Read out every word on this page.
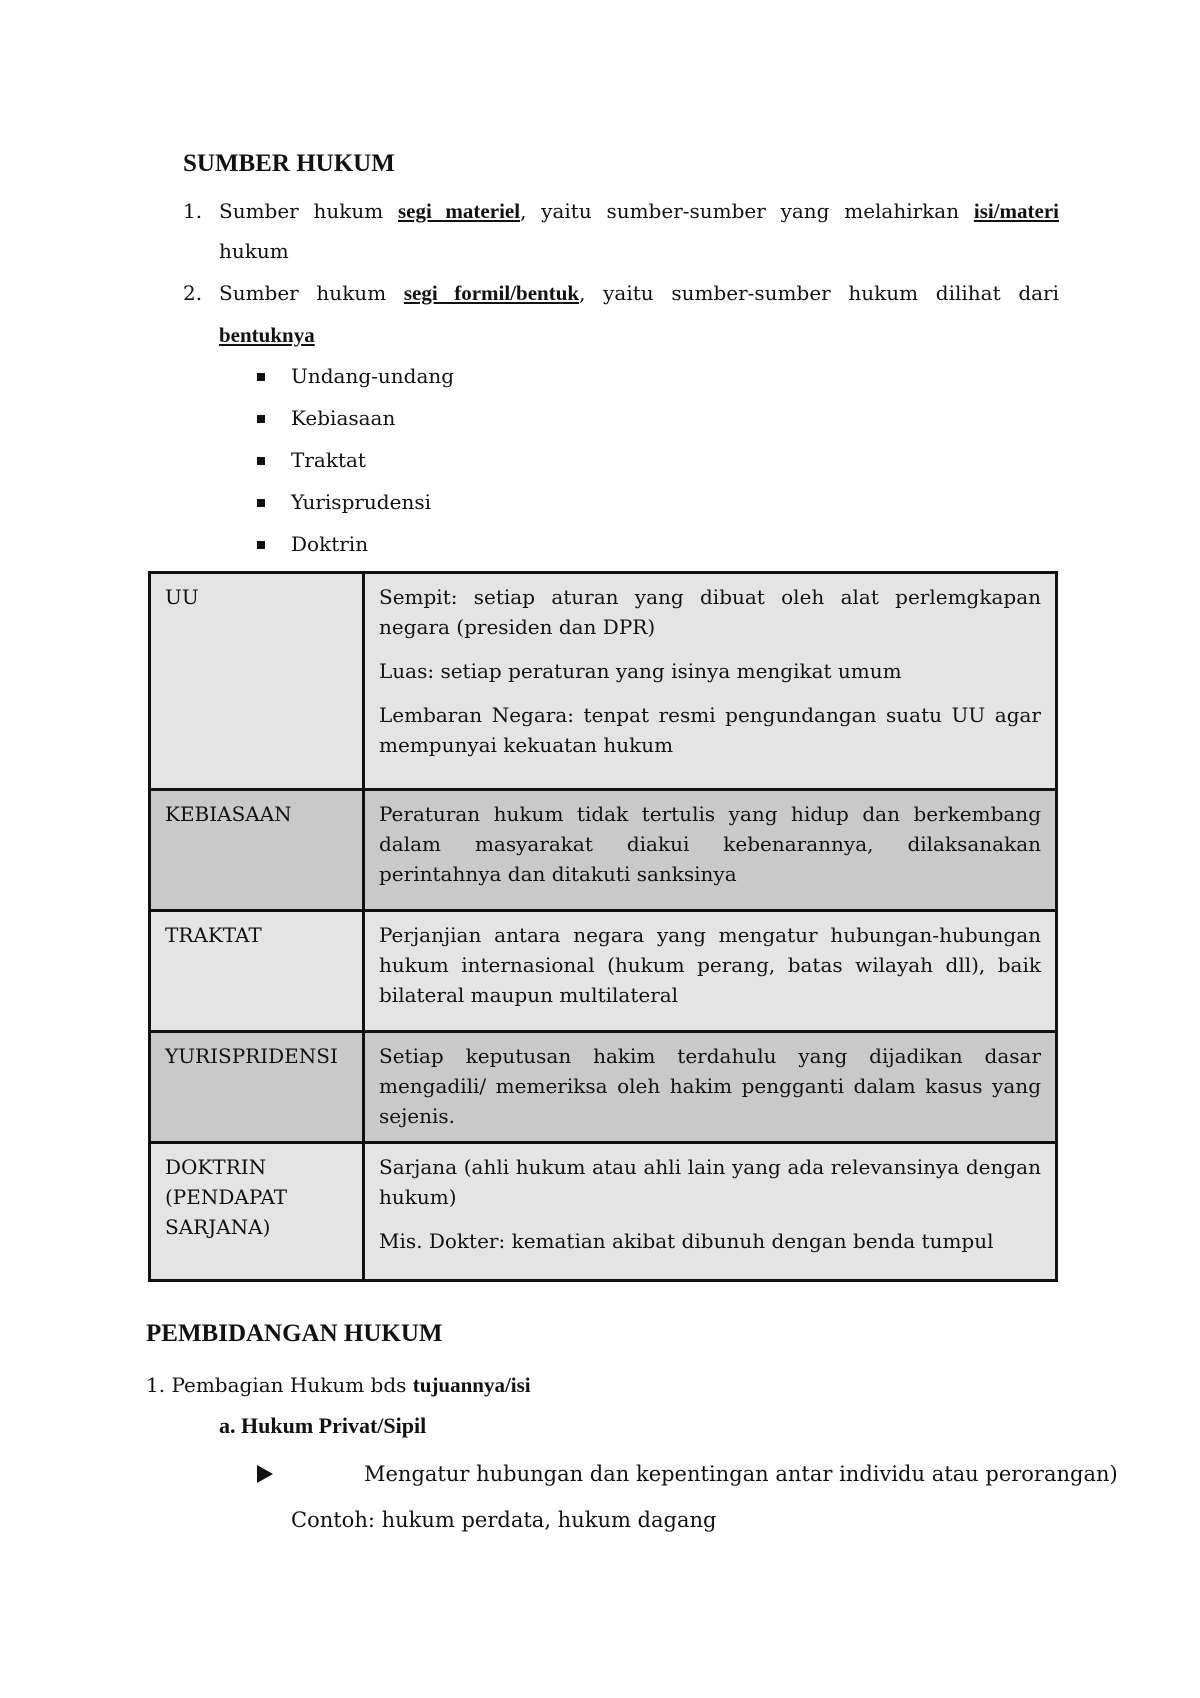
SUMBER HUKUM
1. Sumber hukum segi materiel, yaitu sumber-sumber yang melahirkan isi/materi
hukum
2. Sumber hukum segi formil/bentuk, yaitu sumber-sumber hukum dilihat dari
bentuknya
Undang-undang
Kebiasaan
Traktat
Yurisprudensi
Doktrin
UU	Sempit: setiap aturan yang dibuat oleh alat perlemgkapan negara (presiden dan DPR)

Luas: setiap peraturan yang isinya mengikat umum

Lembaran Negara: tenpat resmi pengundangan suatu UU agar mempunyai kekuatan hukum

KEBIASAAN	Peraturan hukum tidak tertulis yang hidup dan berkembang dalam masyarakat diakui kebenarannya, dilaksanakan perintahnya dan ditakuti sanksinya

TRAKTAT	Perjanjian antara negara yang mengatur hubungan-hubungan hukum internasional (hukum perang, batas wilayah dll), baik bilateral maupun multilateral

YURISPRIDENSI	Setiap keputusan hakim terdahulu yang dijadikan dasar mengadili/ memeriksa oleh hakim pengganti dalam kasus yang sejenis.

DOKTRIN (PENDAPAT SARJANA)	Sarjana (ahli hukum atau ahli lain yang ada relevansinya dengan hukum)

Mis. Dokter: kematian akibat dibunuh dengan benda tumpul

PEMBIDANGAN HUKUM
1. Pembagian Hukum bds tujuannya/isi
a. Hukum Privat/Sipil
Mengatur hubungan dan kepentingan antar individu atau perorangan)
Contoh: hukum perdata, hukum dagang
